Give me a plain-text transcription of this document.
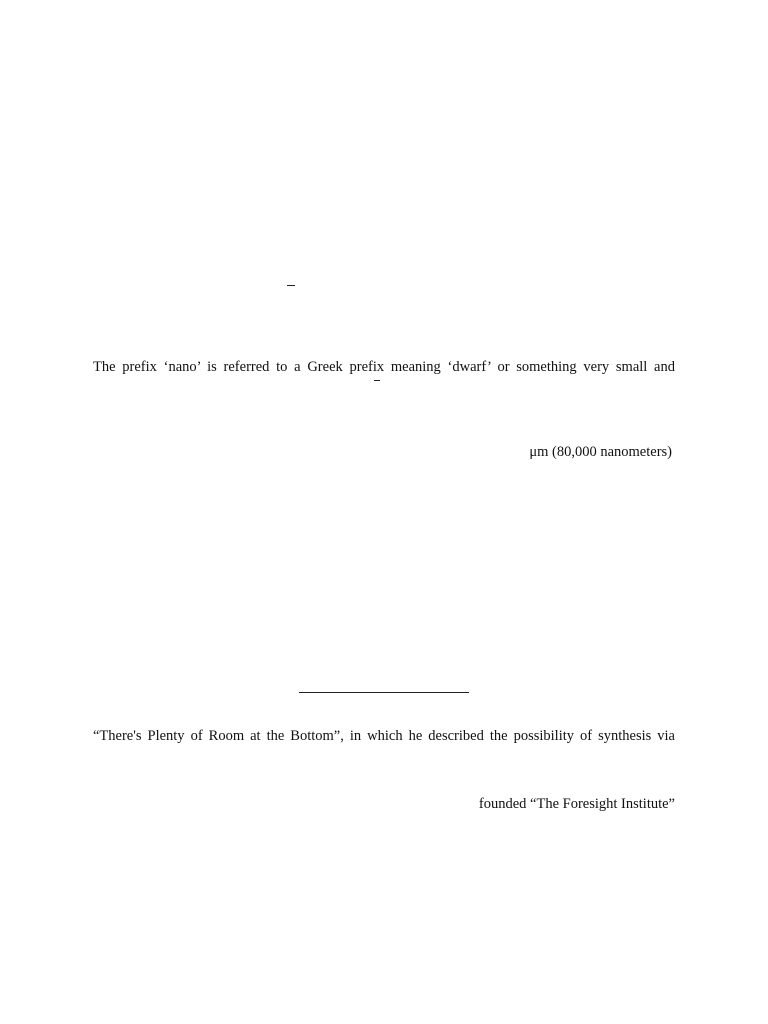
The prefix ‘nano’ is referred to a Greek prefix meaning ‘dwarf’ or something very small and
μm (80,000 nanometers)
“There's Plenty of Room at the Bottom”, in which he described the possibility of synthesis via
founded “The Foresight Institute”
